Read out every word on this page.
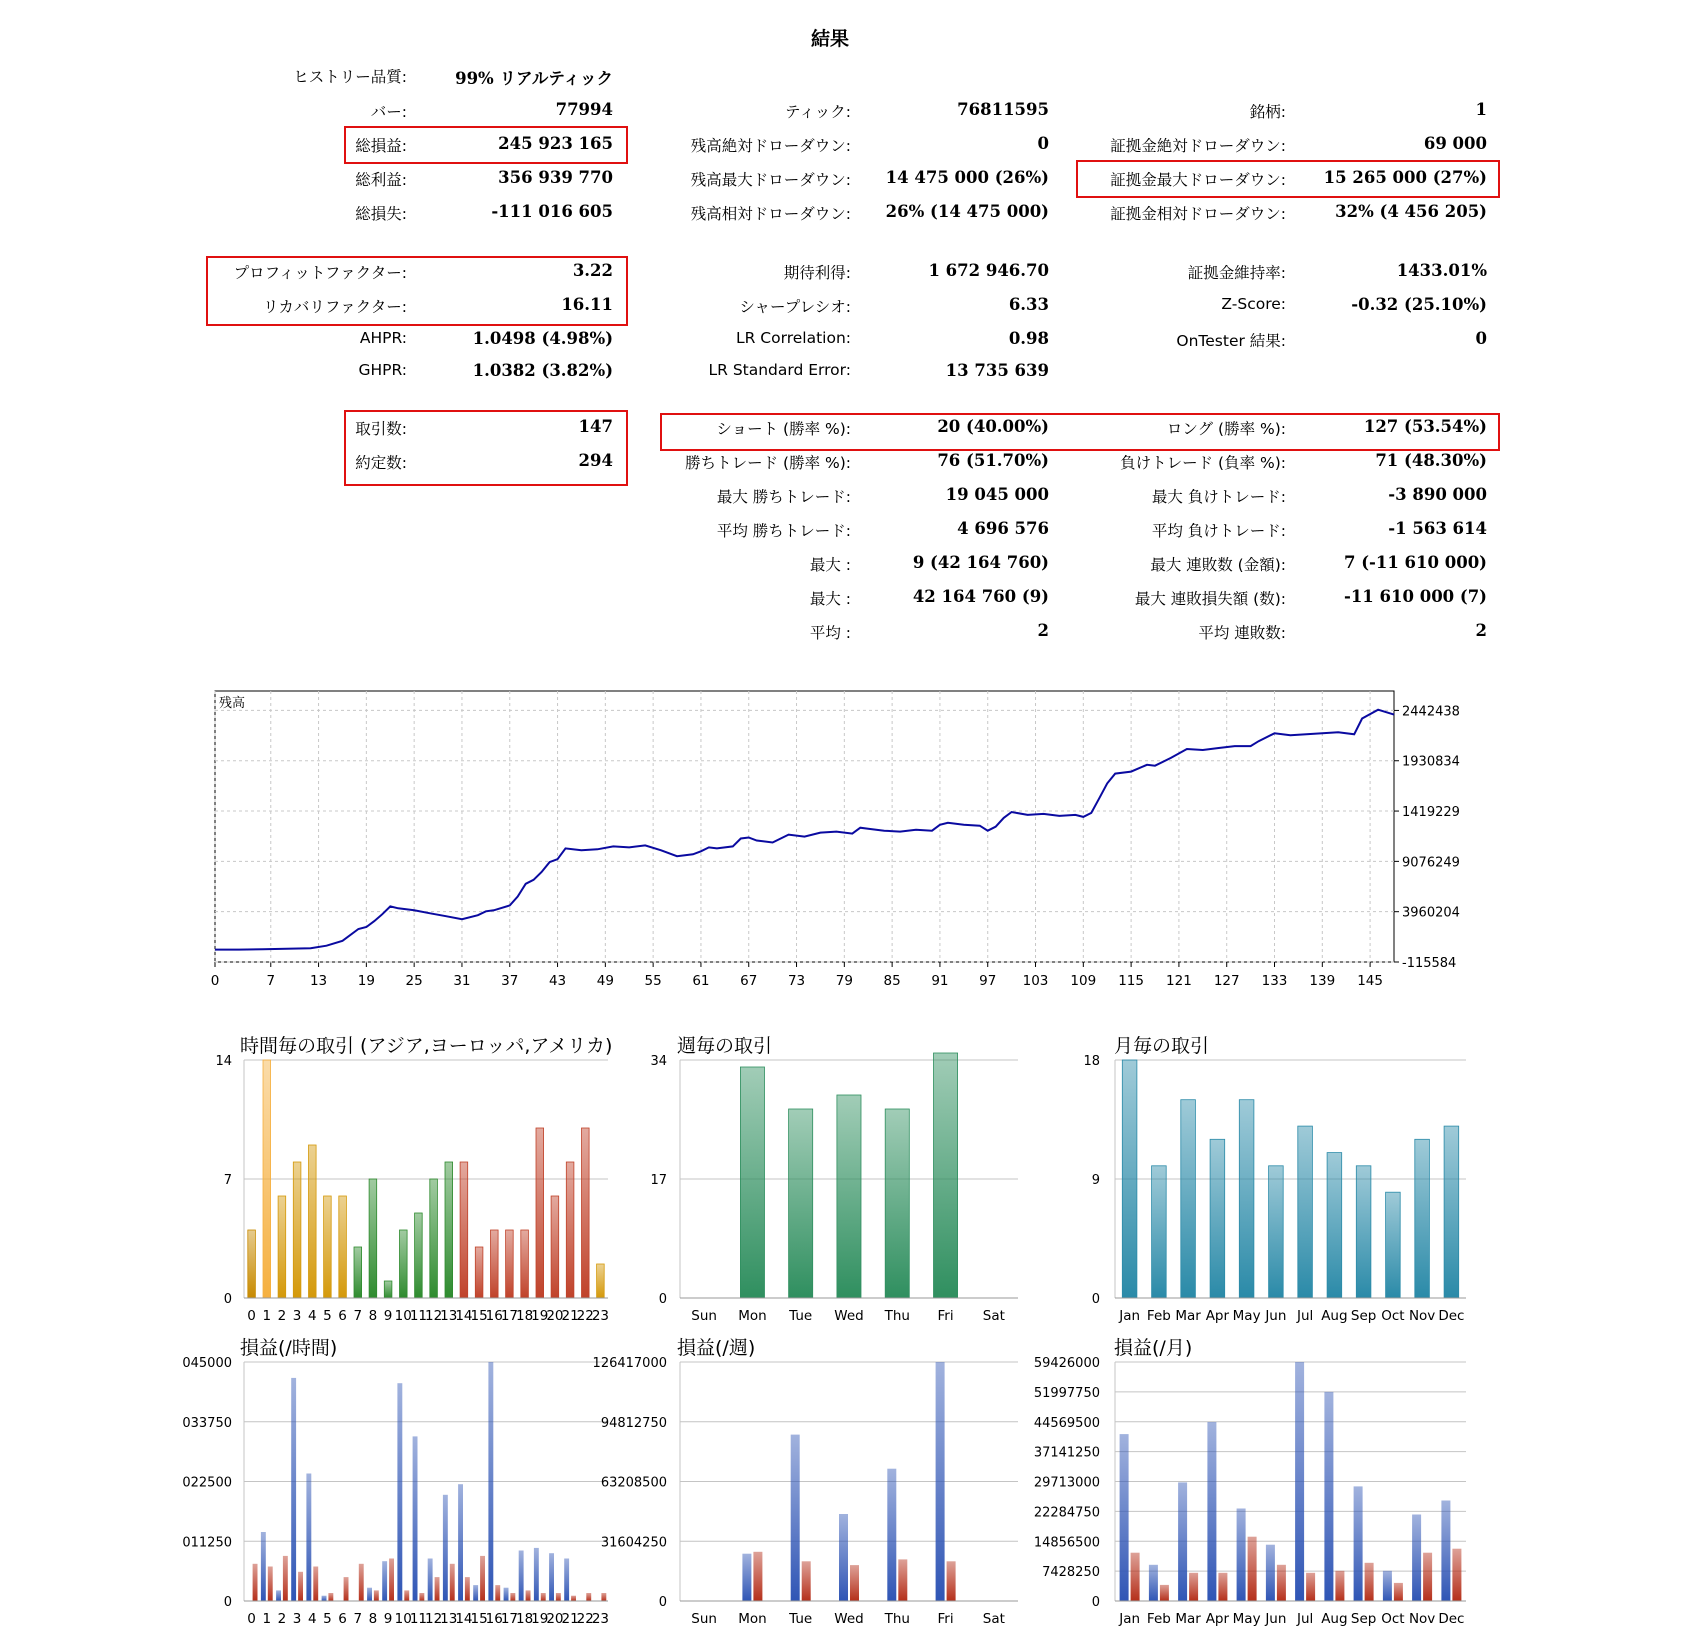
結果
ヒストリー品質:	99% リアルティック
バー:	77994	ティック:	76811595	銘柄:	1
総損益:	245 923 165	残高絶対ドローダウン:	0	証拠金絶対ドローダウン:	69 000
総利益:	356 939 770	残高最大ドローダウン: 14 475 000 (26%)	証拠金最大ドローダウン: 15 265 000 (27%)
総損失:	-111 016 605	残高相対ドローダウン: 26% (14 475 000)	証拠金相対ドローダウン:	32% (4 456 205)
プロフィットファクター:	3.22	期待利得:	1 672 946.70	証拠金維持率:	1433.01%
リカバリファクター:	16.11	シャープレシオ:	6.33	Z-Score:	-0.32 (25.10%)
AHPR:	1.0498 (4.98%)	LR Correlation:	0.98	OnTester 結果:	0
GHPR:	1.0382 (3.82%)	LR Standard Error:	13 735 639
取引数:	147	ショート (勝率 %):	20 (40.00%)	ロング (勝率 %):	127 (53.54%)
約定数:	294	勝ちトレード (勝率 %):	76 (51.70%)	負けトレード (負率 %):	71 (48.30%)
最大 勝ちトレード:	19 045 000	最大 負けトレード:	-3 890 000
平均 勝ちトレード:	4 696 576	平均 負けトレード:	-1 563 614
最大 :	9 (42 164 760)	最大 連敗数 (金額):	7 (-11 610 000)
最大 :	42 164 760 (9)	最大 連敗損失額 (数):	-11 610 000 (7)
平均 :	2	平均 連敗数:	2
0	7	13 19 25 31 37 43 49 55 61 67 73 79 85 91 97 103 109 115 121 127 133 139 145
2442438
1930834
1419229
9076249
3960204
-115584
残高
時間毎の取引 (アジア,ヨーロッパ,アメリカ)
14
7
0
0 1 2 3 4 5 6 7 8 9 10
11
12
13
14
15
16
17
18
19
20
21
22
23
週毎の取引
34
17
0
Sun Mon Tue Wed Thu Fri Sat
月毎の取引
18
9
0
Jan Feb Mar Apr May Jun Jul Aug Sep Oct Nov Dec
損益(/時間)
045000
033750
022500
011250
0
0 1 2 3 4 5 6 7 8 9 10
11
12
13
14
15
16
17
18
19
20
21
22
23
損益(/週)
126417000
94812750
63208500
31604250
0
Sun Mon Tue Wed Thu Fri Sat
損益(/月)
59426000
51997750
44569500
37141250
29713000
22284750
14856500
7428250
0
Jan Feb Mar Apr May Jun Jul Aug Sep Oct Nov Dec
